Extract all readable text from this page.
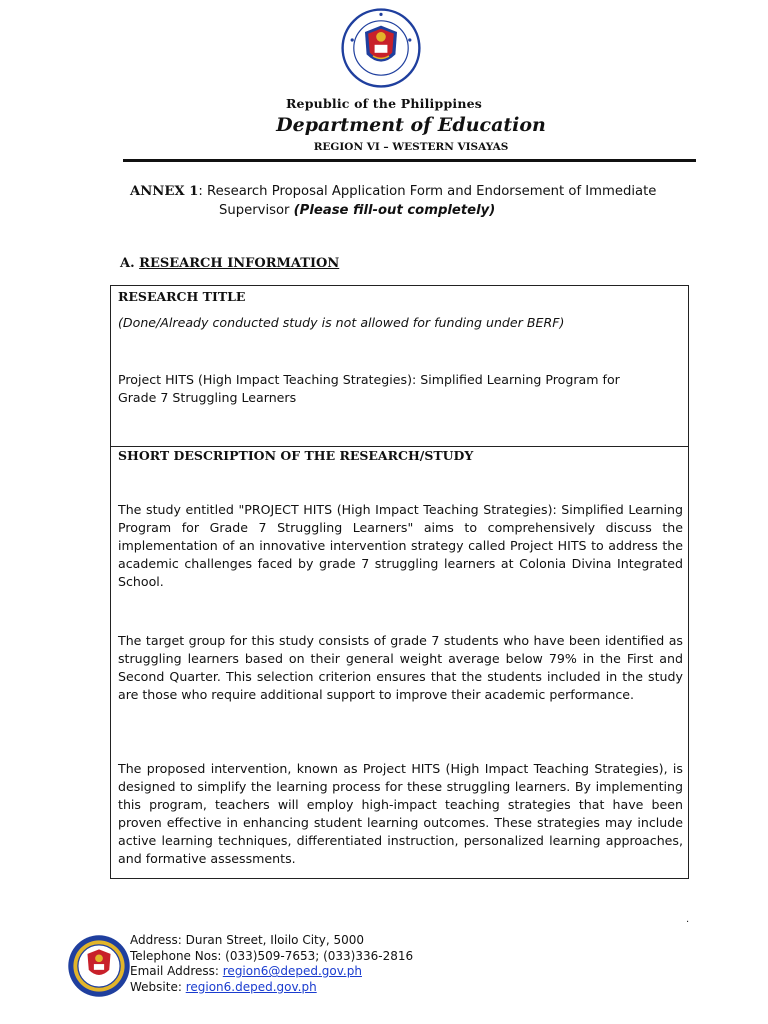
Republic of the Philippines
Department of Education
REGION VI – WESTERN VISAYAS
ANNEX 1: Research Proposal Application Form and Endorsement of Immediate
Supervisor (Please fill-out completely)
A. RESEARCH INFORMATION
RESEARCH TITLE
(Done/Already conducted study is not allowed for funding under BERF)
Project HITS (High Impact Teaching Strategies): Simplified Learning Program for
Grade 7 Struggling Learners
SHORT DESCRIPTION OF THE RESEARCH/STUDY
The study entitled "PROJECT HITS (High Impact Teaching Strategies): Simplified Learning Program for Grade 7 Struggling Learners" aims to comprehensively discuss the implementation of an innovative intervention strategy called Project HITS to address the academic challenges faced by grade 7 struggling learners at Colonia Divina Integrated School.
The target group for this study consists of grade 7 students who have been identified as struggling learners based on their general weight average below 79% in the First and Second Quarter. This selection criterion ensures that the students included in the study are those who require additional support to improve their academic performance.
The proposed intervention, known as Project HITS (High Impact Teaching Strategies), is designed to simplify the learning process for these struggling learners. By implementing this program, teachers will employ high-impact teaching strategies that have been proven effective in enhancing student learning outcomes. These strategies may include active learning techniques, differentiated instruction, personalized learning approaches, and formative assessments.
.
Address: Duran Street, Iloilo City, 5000
Telephone Nos: (033)509-7653; (033)336-2816
Email Address: region6@deped.gov.ph
Website: region6.deped.gov.ph
